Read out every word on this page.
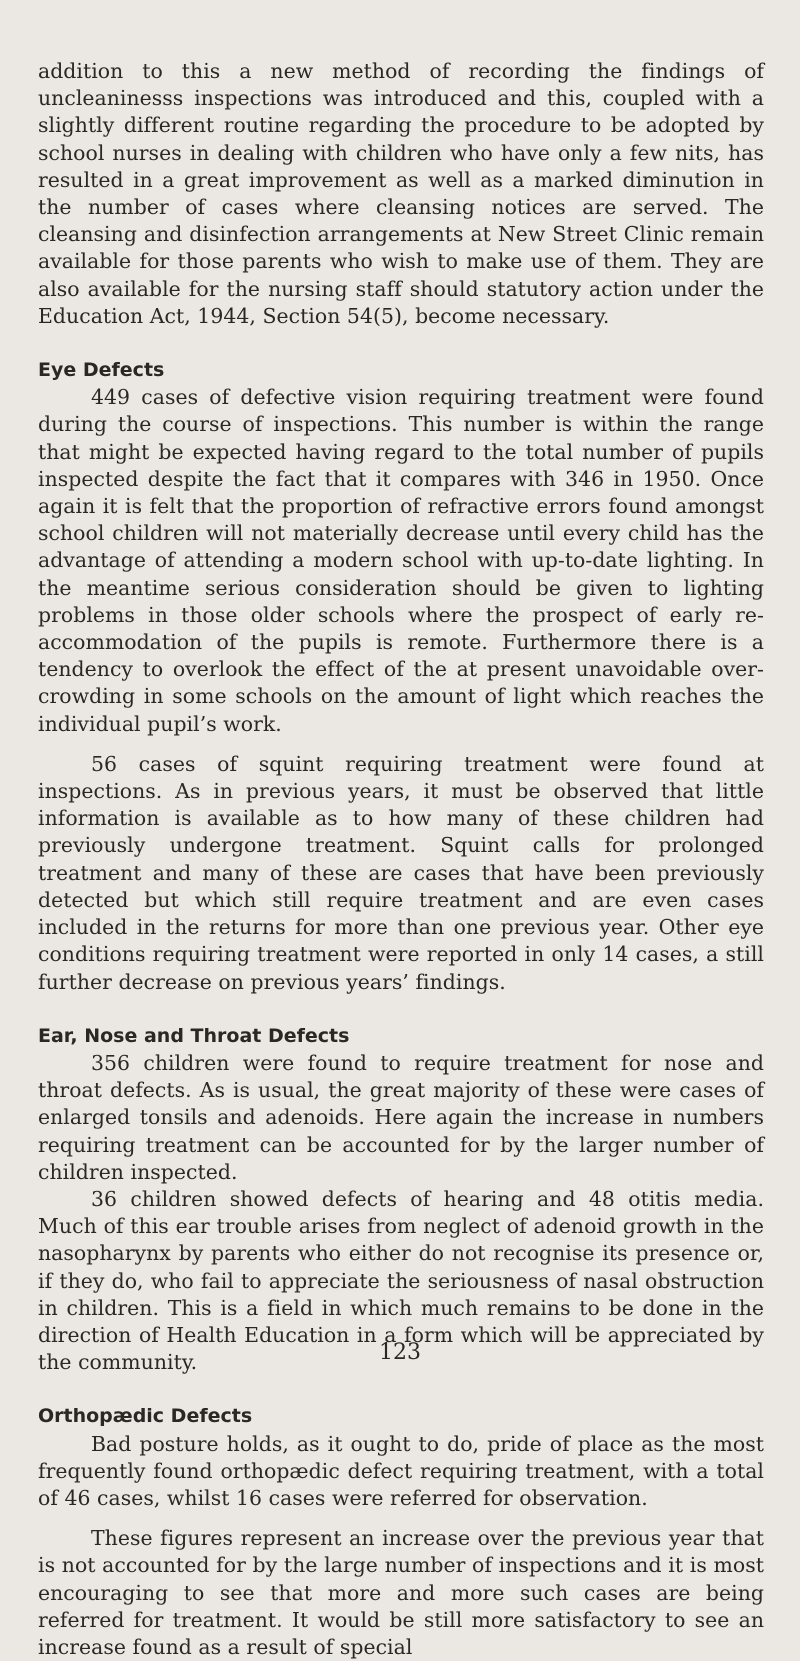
addition to this a new method of recording the findings of uncleaninesss inspections was introduced and this, coupled with a slightly different routine regarding the procedure to be adopted by school nurses in dealing with children who have only a few nits, has resulted in a great improvement as well as a marked diminution in the number of cases where cleansing notices are served. The cleansing and disinfection arrangements at New Street Clinic remain available for those parents who wish to make use of them. They are also available for the nursing staff should statutory action under the Education Act, 1944, Section 54(5), become necessary.

Eye Defects

449 cases of defective vision requiring treatment were found during the course of inspections. This number is within the range that might be expected having regard to the total number of pupils inspected despite the fact that it compares with 346 in 1950. Once again it is felt that the proportion of refractive errors found amongst school children will not materially decrease until every child has the advantage of attending a modern school with up-to-date lighting. In the meantime serious consideration should be given to lighting problems in those older schools where the prospect of early re-accommodation of the pupils is remote. Furthermore there is a tendency to overlook the effect of the at present unavoidable over-crowding in some schools on the amount of light which reaches the individual pupil’s work.

56 cases of squint requiring treatment were found at inspections. As in previous years, it must be observed that little information is available as to how many of these children had previously undergone treatment. Squint calls for prolonged treatment and many of these are cases that have been previously detected but which still require treatment and are even cases included in the returns for more than one previous year. Other eye conditions requiring treatment were reported in only 14 cases, a still further decrease on previous years’ findings.

Ear, Nose and Throat Defects

356 children were found to require treatment for nose and throat defects. As is usual, the great majority of these were cases of enlarged tonsils and adenoids. Here again the increase in numbers requiring treatment can be accounted for by the larger number of children inspected.

36 children showed defects of hearing and 48 otitis media. Much of this ear trouble arises from neglect of adenoid growth in the nasopharynx by parents who either do not recognise its presence or, if they do, who fail to appreciate the seriousness of nasal obstruction in children. This is a field in which much remains to be done in the direction of Health Education in a form which will be appreciated by the community.

Orthopædic Defects

Bad posture holds, as it ought to do, pride of place as the most frequently found orthopædic defect requiring treatment, with a total of 46 cases, whilst 16 cases were referred for observation.

These figures represent an increase over the previous year that is not accounted for by the large number of inspections and it is most encouraging to see that more and more such cases are being referred for treatment. It would be still more satisfactory to see an increase found as a result of special

123
